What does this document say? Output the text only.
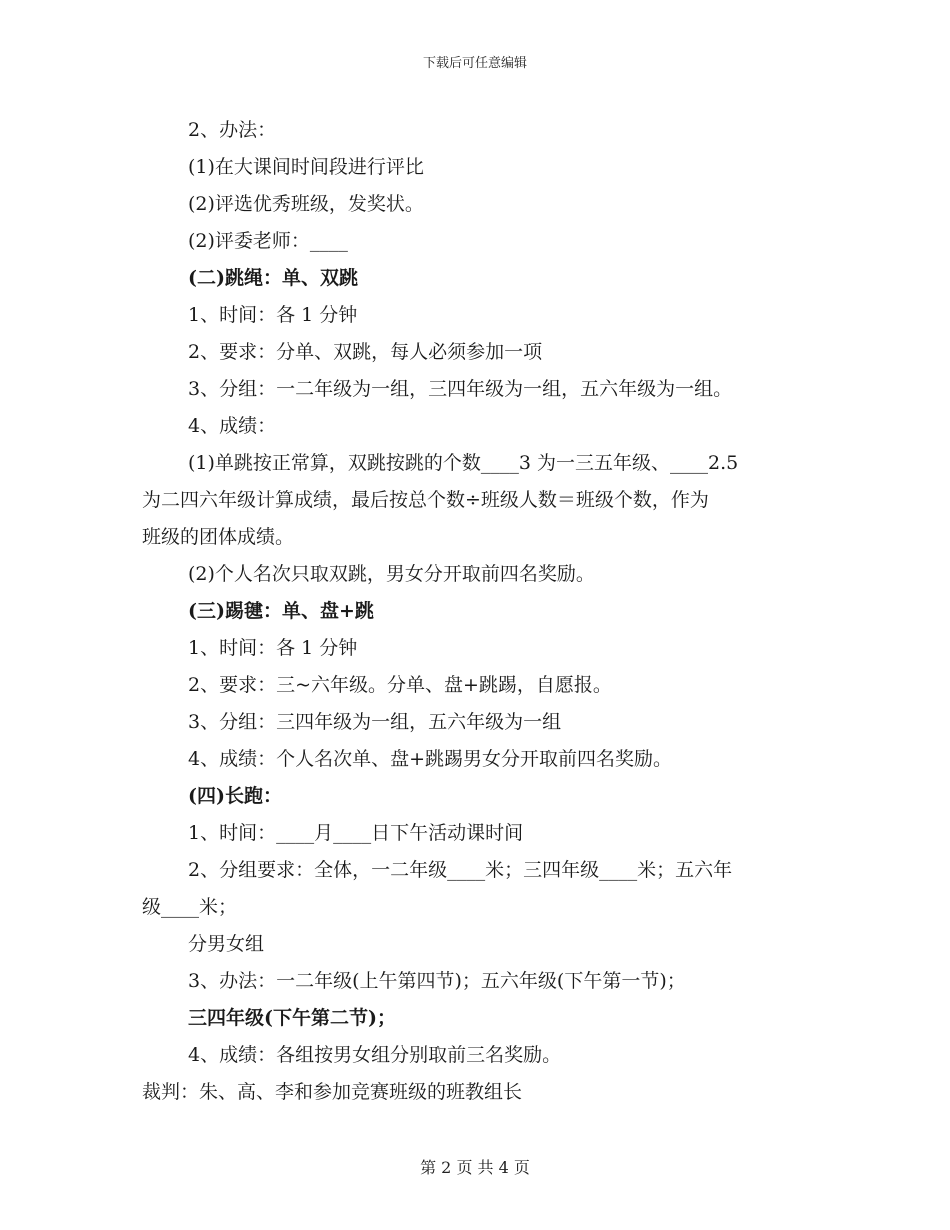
下载后可任意编辑
2、办法：
(1)在大课间时间段进行评比
(2)评选优秀班级，发奖状。
(2)评委老师：____
(二)跳绳：单、双跳
1、时间：各 1 分钟
2、要求：分单、双跳，每人必须参加一项
3、分组：一二年级为一组，三四年级为一组，五六年级为一组。
4、成绩：
(1)单跳按正常算，双跳按跳的个数____3 为一三五年级、____2.5
为二四六年级计算成绩，最后按总个数÷班级人数＝班级个数，作为
班级的团体成绩。
(2)个人名次只取双跳，男女分开取前四名奖励。
(三)踢毽：单、盘+跳
1、时间：各 1 分钟
2、要求：三~六年级。分单、盘+跳踢，自愿报。
3、分组：三四年级为一组，五六年级为一组
4、成绩：个人名次单、盘+跳踢男女分开取前四名奖励。
(四)长跑：
1、时间：____月____日下午活动课时间
2、分组要求：全体，一二年级____米；三四年级____米；五六年
级____米；
分男女组
3、办法：一二年级(上午第四节)；五六年级(下午第一节)；
三四年级(下午第二节)；
4、成绩：各组按男女组分别取前三名奖励。
裁判：朱、高、李和参加竞赛班级的班教组长
第 2 页 共 4 页
